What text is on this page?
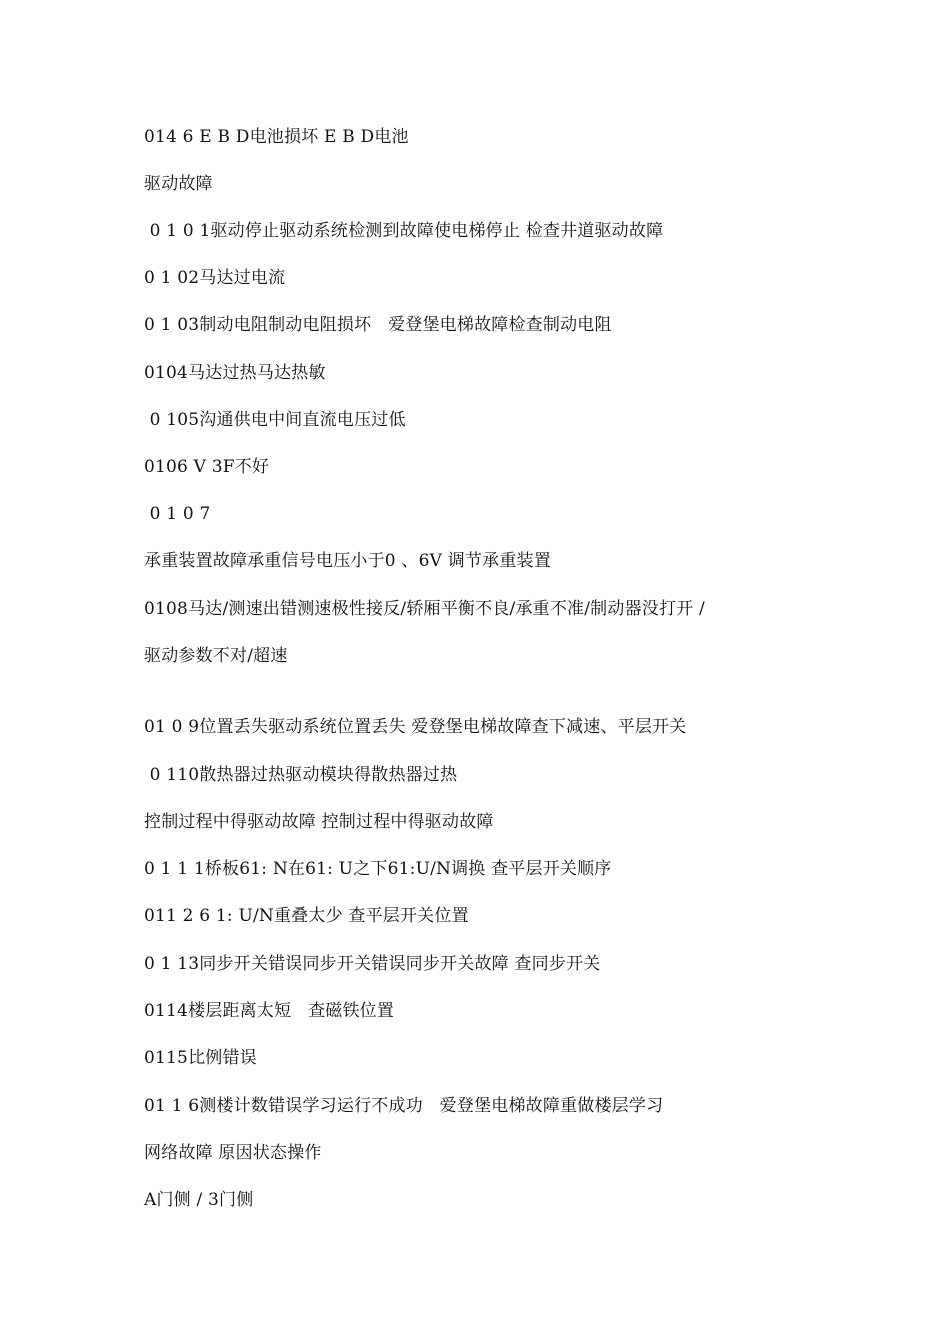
014 6 E B D电池损坏 E B D电池
驱动故障
0 1 0 1驱动停止驱动系统检测到故障使电梯停止 检查井道驱动故障
0 1 02马达过电流
0 1 03制动电阻制动电阻损坏   爱登堡电梯故障检查制动电阻
0104马达过热马达热敏
0 105沟通供电中间直流电压过低
0106 V 3F不好
0 1 0 7
承重装置故障承重信号电压小于0 、6V 调节承重装置
0108马达/测速出错测速极性接反/轿厢平衡不良/承重不准/制动器没打开 /
驱动参数不对/超速
01 0 9位置丢失驱动系统位置丢失 爱登堡电梯故障查下减速、平层开关
0 110散热器过热驱动模块得散热器过热
控制过程中得驱动故障 控制过程中得驱动故障
0 1 1 1桥板61: N在61: U之下61:U/N调换 查平层开关顺序
011 2 6 1: U/N重叠太少 查平层开关位置
0 1 13同步开关错误同步开关错误同步开关故障 查同步开关
0114楼层距离太短   查磁铁位置
0115比例错误
01 1 6测楼计数错误学习运行不成功   爱登堡电梯故障重做楼层学习
网络故障 原因状态操作
A门侧 / 3门侧
